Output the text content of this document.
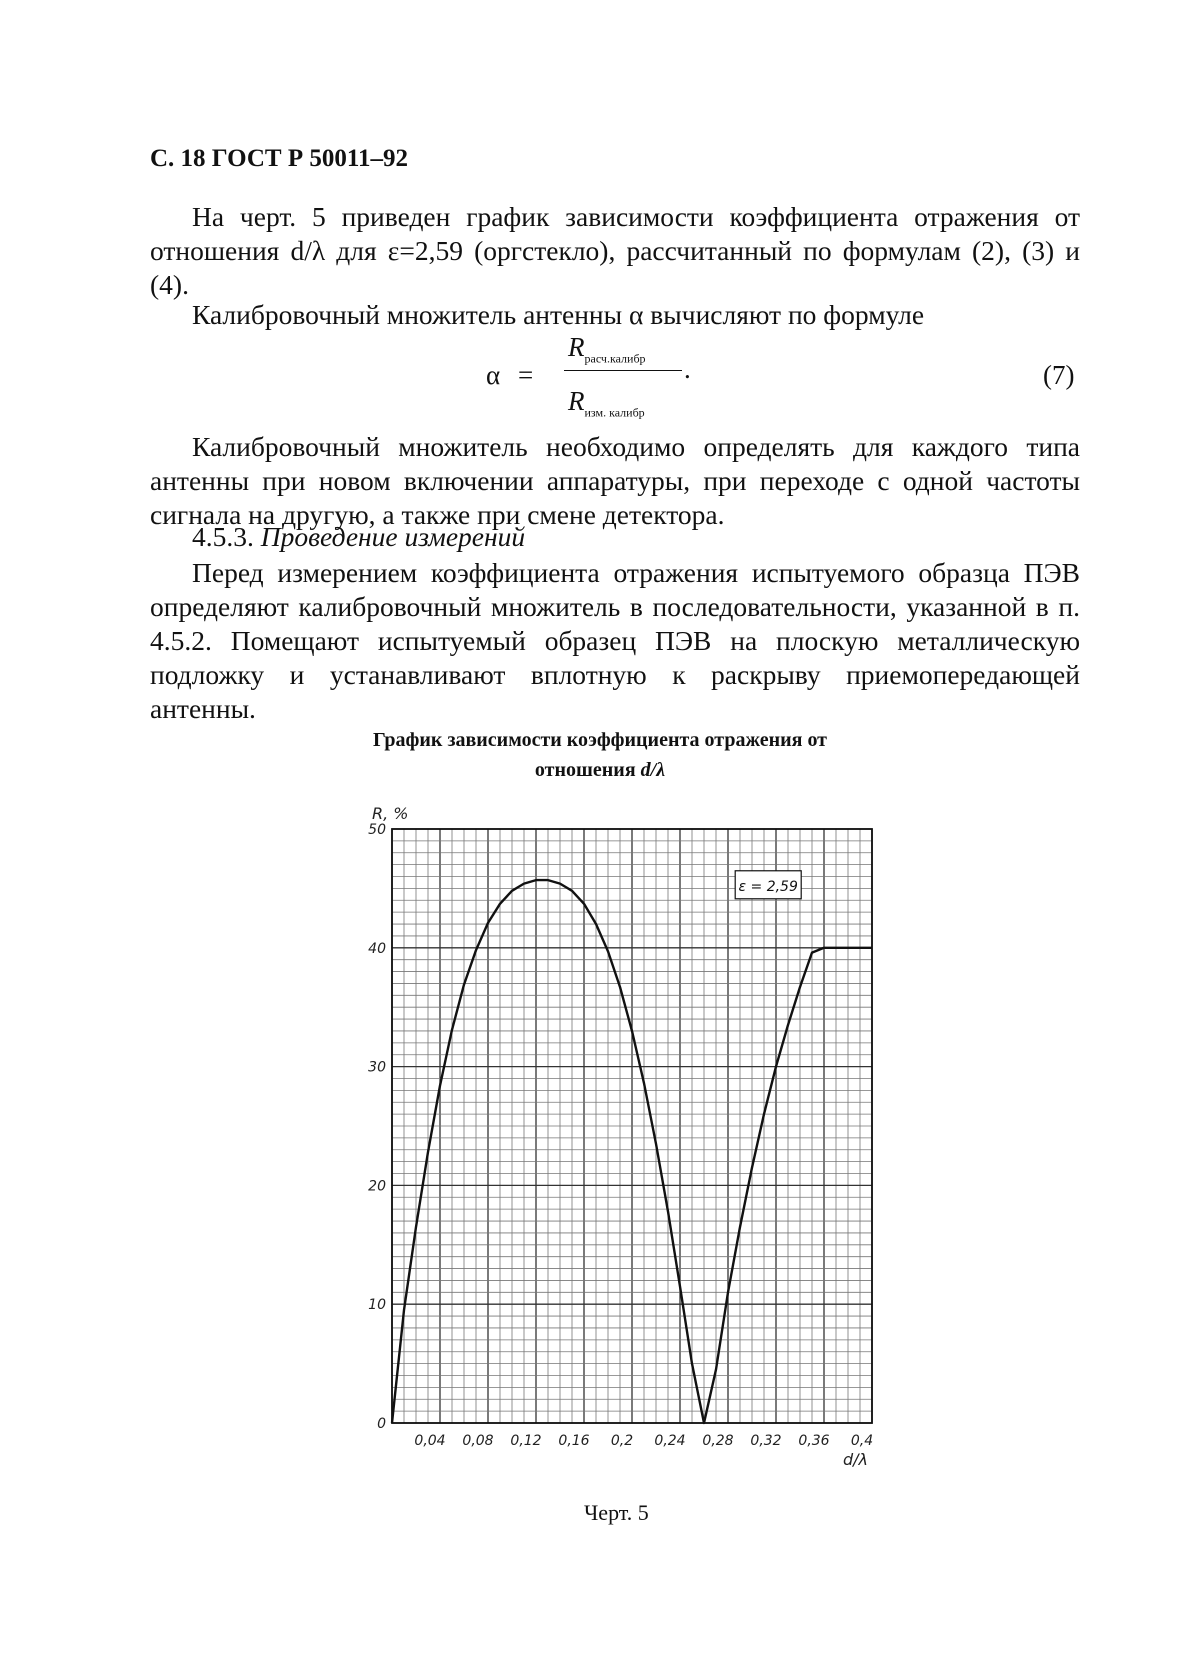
С. 18 ГОСТ Р 50011–92
На черт. 5 приведен график зависимости коэффициента отражения от отношения d/λ для ε=2,59 (оргстекло), рассчитанный по формулам (2), (3) и (4).
Калибровочный множитель антенны α вычисляют по формуле
α =
$R_{расч.калибр}$
$R_{изм. калибр}$
.	(7)
Калибровочный множитель необходимо определять для каждого типа антенны при новом включении аппаратуры, при переходе с одной частоты сигнала на другую, а также при смене детектора.
4.5.3. Проведение измерений
Перед измерением коэффициента отражения испытуемого образца ПЭВ определяют калибровочный множитель в последовательности, указанной в п. 4.5.2. Помещают испытуемый образец ПЭВ на плоскую металлическую подложку и устанавливают вплотную к раскрыву приемопередающей антенны.
График зависимости коэффициента отражения от
отношения d/λ
0
10
20
30
40
50
0,04 0,08 0,12 0,16 0,2 0,24 0,28 0,32 0,36 0,4
R, %
d/λ
ε = 2,59
Черт. 5
